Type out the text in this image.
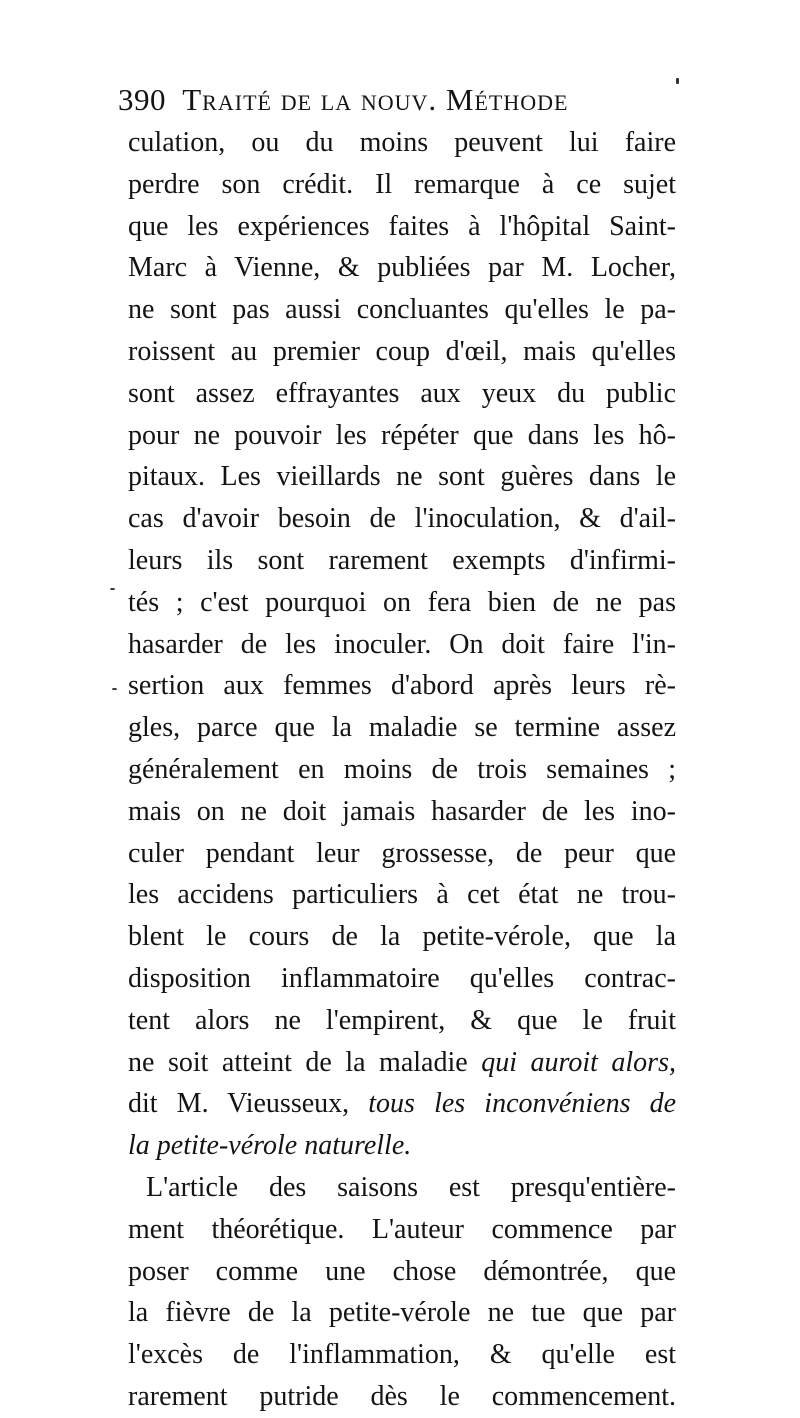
390 Traité de la nouv. Méthode
culation, ou du moins peuvent lui faire
perdre son crédit. Il remarque à ce sujet
que les expériences faites à l'hôpital Saint-
Marc à Vienne, & publiées par M. Locher,
ne sont pas aussi concluantes qu'elles le pa-
roissent au premier coup d'œil, mais qu'elles
sont assez effrayantes aux yeux du public
pour ne pouvoir les répéter que dans les hô-
pitaux. Les vieillards ne sont guères dans le
cas d'avoir besoin de l'inoculation, & d'ail-
leurs ils sont rarement exempts d'infirmi-
tés ; c'est pourquoi on fera bien de ne pas
hasarder de les inoculer. On doit faire l'in-
sertion aux femmes d'abord après leurs rè-
gles, parce que la maladie se termine assez
généralement en moins de trois semaines ;
mais on ne doit jamais hasarder de les ino-
culer pendant leur grossesse, de peur que
les accidens particuliers à cet état ne trou-
blent le cours de la petite-vérole, que la
disposition inflammatoire qu'elles contrac-
tent alors ne l'empirent, & que le fruit
ne soit atteint de la maladie qui auroit alors,
dit M. Vieusseux, tous les inconvéniens de
la petite-vérole naturelle.
L'article des saisons est presqu'entière-
ment théorétique. L'auteur commence par
poser comme une chose démontrée, que
la fièvre de la petite-vérole ne tue que par
l'excès de l'inflammation, & qu'elle est
rarement putride dès le commencement.
